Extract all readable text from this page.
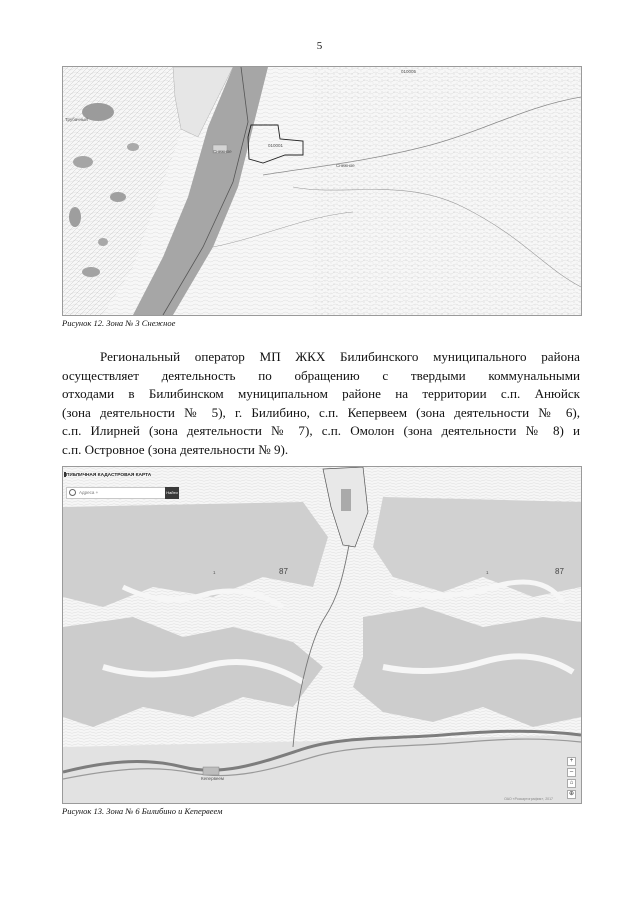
5
010005
010001
Снежное
Трубачный
Снежное
Рисунок 12. Зона № 3 Снежное
Региональный оператор МП ЖКХ Билибинского муниципального района
осуществляет деятельность по обращению с твердыми коммунальными
отходами в Билибинском муниципальном районе на территории с.п. Анюйск
(зона деятельности № 5), г. Билибино, с.п. Кепервеем (зона деятельности № 6),
с.п. Илирней (зона деятельности № 7), с.п. Омолон (зона деятельности № 8) и
с.п. Островное (зона деятельности № 9).
ПУБЛИЧНАЯ КАДАСТРОВАЯ КАРТА
Адреса +	Найти
87	87
1	1
Кепервеем
+
–
⌂
⊕
ОАО «Роскартография», 2017
Рисунок 13. Зона № 6 Билибино и Кепервеем
